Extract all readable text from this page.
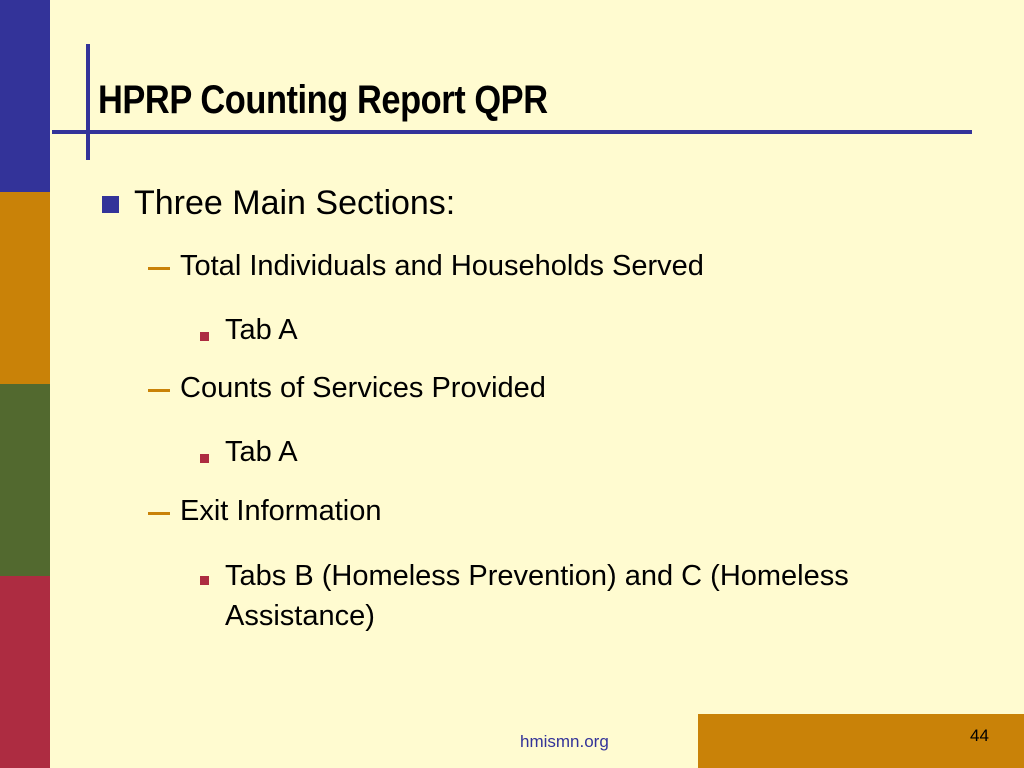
HPRP Counting Report QPR
Three Main Sections:
Total Individuals and Households Served
Tab A
Counts of Services Provided
Tab A
Exit Information
Tabs B (Homeless Prevention) and C (Homeless
Assistance)
hmismn.org	44
